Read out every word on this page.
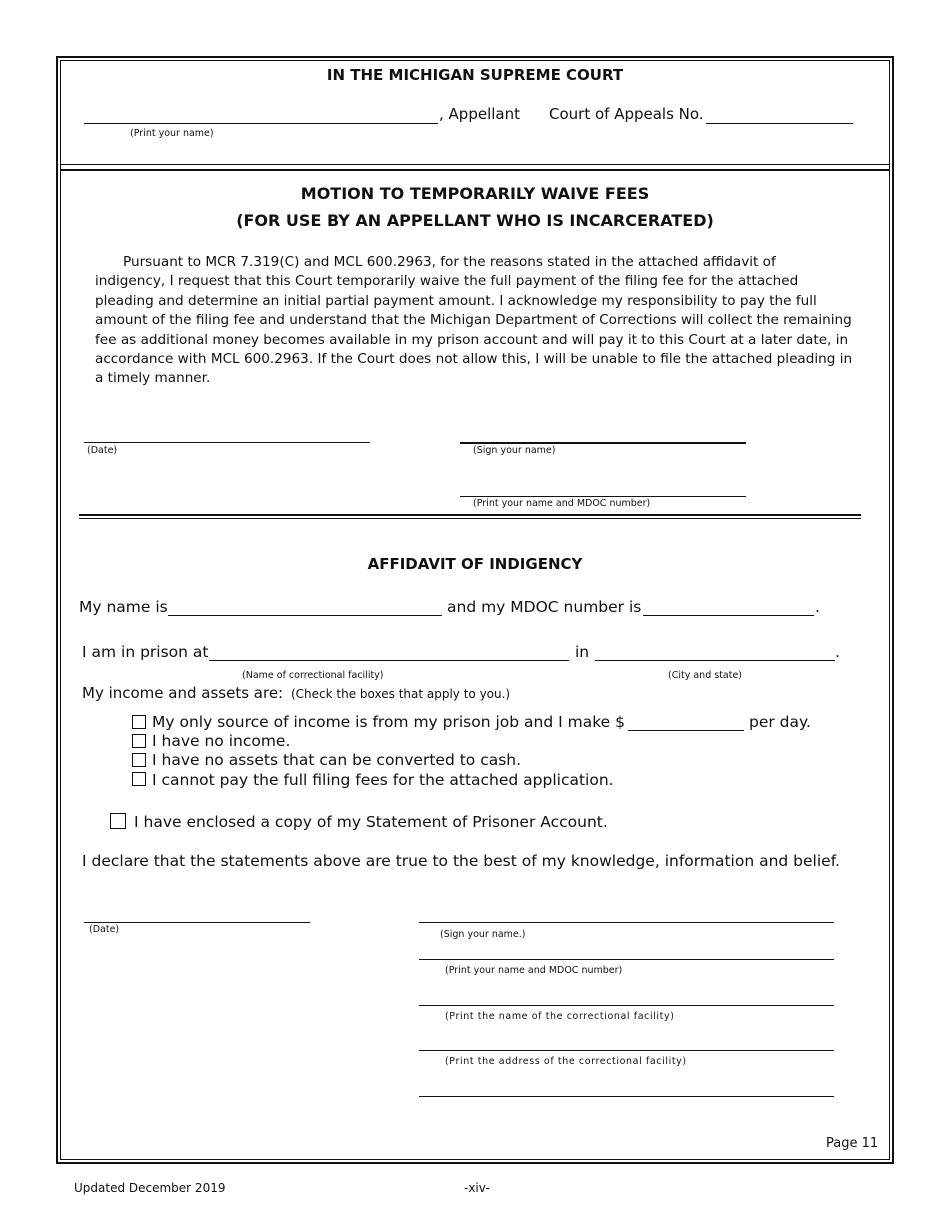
IN THE MICHIGAN SUPREME COURT
, Appellant Court of Appeals No.
(Print your name)
MOTION TO TEMPORARILY WAIVE FEES
(FOR USE BY AN APPELLANT WHO IS INCARCERATED)
Pursuant to MCR 7.319(C) and MCL 600.2963, for the reasons stated in the attached affidavit of
indigency, I request that this Court temporarily waive the full payment of the filing fee for the attached
pleading and determine an initial partial payment amount. I acknowledge my responsibility to pay the full
amount of the filing fee and understand that the Michigan Department of Corrections will collect the remaining
fee as additional money becomes available in my prison account and will pay it to this Court at a later date, in
accordance with MCL 600.2963. If the Court does not allow this, I will be unable to file the attached pleading in
a timely manner.
(Date)	(Sign your name)
(Print your name and MDOC number)
AFFIDAVIT OF INDIGENCY
My name is	and my MDOC number is	.
I am in prison at	in	.
(Name of correctional facility)	(City and state)
My income and assets are: (Check the boxes that apply to you.)
My only source of income is from my prison job and I make $	per day.
I have no income.
I have no assets that can be converted to cash.
I cannot pay the full filing fees for the attached application.
I have enclosed a copy of my Statement of Prisoner Account.
I declare that the statements above are true to the best of my knowledge, information and belief.
(Date)	(Sign your name.)
(Print your name and MDOC number)
(Print the name of the correctional facility)
(Print the address of the correctional facility)
Page 11
Updated December 2019	-xiv-
